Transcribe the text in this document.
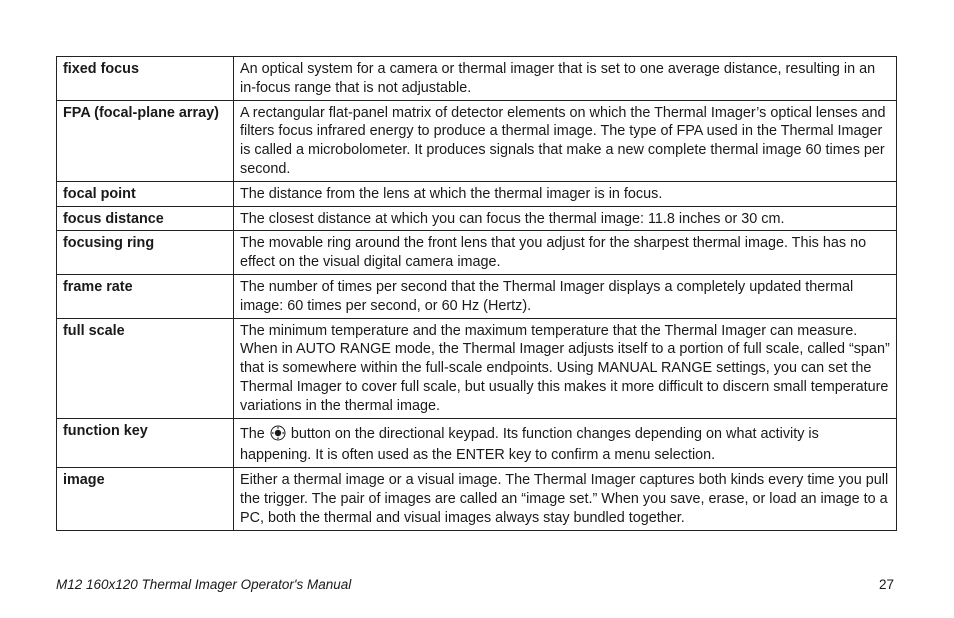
fixed focus	An optical system for a camera or thermal imager that is set to one average distance, resulting in an in-focus range that is not adjustable.
FPA (focal-plane array)	A rectangular flat-panel matrix of detector elements on which the Thermal Imager’s optical lenses and filters focus infrared energy to produce a thermal image. The type of FPA used in the Thermal Imager is called a microbolometer. It produces signals that make a new complete thermal image 60 times per second.
focal point	The distance from the lens at which the thermal imager is in focus.
focus distance	The closest distance at which you can focus the thermal image: 11.8 inches or 30 cm.
focusing ring	The movable ring around the front lens that you adjust for the sharpest thermal image. This has no effect on the visual digital camera image.
frame rate	The number of times per second that the Thermal Imager displays a completely updated thermal image: 60 times per second, or 60 Hz (Hertz).
full scale	The minimum temperature and the maximum temperature that the Thermal Imager can measure. When in AUTO RANGE mode, the Thermal Imager adjusts itself to a portion of full scale, called “span” that is somewhere within the full-scale endpoints. Using MANUAL RANGE settings, you can set the Thermal Imager to cover full scale, but usually this makes it more difficult to discern small temperature variations in the thermal image.
function key	The button on the directional keypad. Its function changes depending on what activity is happening. It is often used as the ENTER key to confirm a menu selection.
image	Either a thermal image or a visual image. The Thermal Imager captures both kinds every time you pull the trigger. The pair of images are called an “image set.” When you save, erase, or load an image to a PC, both the thermal and visual images always stay bundled together.
M12 160x120 Thermal Imager Operator's Manual	27
